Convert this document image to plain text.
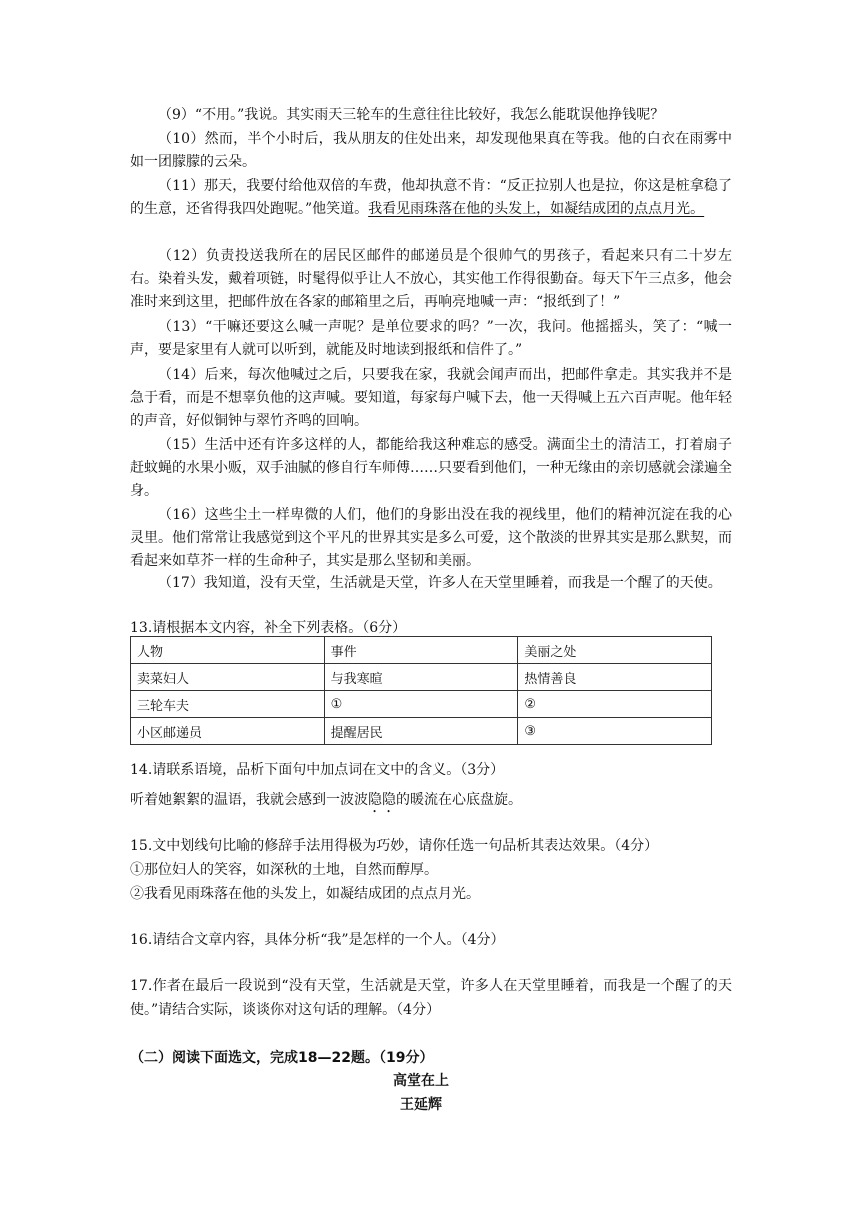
（9）“不用。”我说。其实雨天三轮车的生意往往比较好，我怎么能耽误他挣钱呢？

（10）然而，半个小时后，我从朋友的住处出来，却发现他果真在等我。他的白衣在雨雾中如一团朦朦的云朵。

（11）那天，我要付给他双倍的车费，他却执意不肯：“反正拉别人也是拉，你这是桩拿稳了的生意，还省得我四处跑呢。”他笑道。我看见雨珠落在他的头发上，如凝结成团的点点月光。

（12）负责投送我所在的居民区邮件的邮递员是个很帅气的男孩子，看起来只有二十岁左右。染着头发，戴着项链，时髦得似乎让人不放心，其实他工作得很勤奋。每天下午三点多，他会准时来到这里，把邮件放在各家的邮箱里之后，再响亮地喊一声：“报纸到了！”

（13）“干嘛还要这么喊一声呢？是单位要求的吗？”一次，我问。他摇摇头，笑了：“喊一声，要是家里有人就可以听到，就能及时地读到报纸和信件了。”

（14）后来，每次他喊过之后，只要我在家，我就会闻声而出，把邮件拿走。其实我并不是急于看，而是不想辜负他的这声喊。要知道，每家每户喊下去，他一天得喊上五六百声呢。他年轻的声音，好似铜钟与翠竹齐鸣的回响。

（15）生活中还有许多这样的人，都能给我这种难忘的感受。满面尘土的清洁工，打着扇子赶蚊蝇的水果小贩，双手油腻的修自行车师傅……只要看到他们，一种无缘由的亲切感就会漾遍全身。

（16）这些尘土一样卑微的人们，他们的身影出没在我的视线里，他们的精神沉淀在我的心灵里。他们常常让我感觉到这个平凡的世界其实是多么可爱，这个散淡的世界其实是那么默契，而看起来如草芥一样的生命种子，其实是那么坚韧和美丽。

（17）我知道，没有天堂，生活就是天堂，许多人在天堂里睡着，而我是一个醒了的天使。

13.请根据本文内容，补全下列表格。（6分）

人物	事件	美丽之处
卖菜妇人	与我寒暄	热情善良
三轮车夫	①	②
小区邮递员	提醒居民	③

14.请联系语境，品析下面句中加点词在文中的含义。（3分）

听着她絮絮的温语，我就会感到一波波隐隐的暖流在心底盘旋。

15.文中划线句比喻的修辞手法用得极为巧妙，请你任选一句品析其表达效果。（4分）

①那位妇人的笑容，如深秋的土地，自然而醇厚。

②我看见雨珠落在他的头发上，如凝结成团的点点月光。

16.请结合文章内容，具体分析“我”是怎样的一个人。（4分）

17.作者在最后一段说到“没有天堂，生活就是天堂，许多人在天堂里睡着，而我是一个醒了的天使。”请结合实际，谈谈你对这句话的理解。（4分）

（二）阅读下面选文，完成18—22题。（19分）

高堂在上

王延辉
